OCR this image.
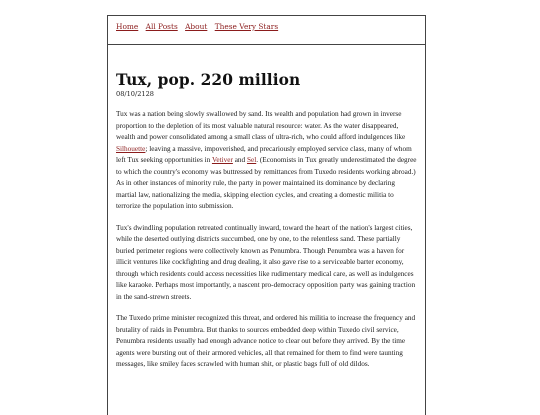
Home All Posts About These Very Stars
Tux, pop. 220 million
08/10/2128

Tux was a nation being slowly swallowed by sand. Its wealth and population had grown in inverse proportion to the depletion of its most valuable natural resource: water. As the water disappeared, wealth and power consolidated among a small class of ultra-rich, who could afford indulgences like Silhouette; leaving a massive, impoverished, and precariously employed service class, many of whom left Tux seeking opportunities in Vetiver and Sel. (Economists in Tux greatly underestimated the degree to which the country's economy was buttressed by remittances from Tuxedo residents working abroad.) As in other instances of minority rule, the party in power maintained its dominance by declaring martial law, nationalizing the media, skipping election cycles, and creating a domestic militia to terrorize the population into submission.

Tux's dwindling population retreated continually inward, toward the heart of the nation's largest cities, while the deserted outlying districts succumbed, one by one, to the relentless sand. These partially buried perimeter regions were collectively known as Penumbra. Though Penumbra was a haven for illicit ventures like cockfighting and drug dealing, it also gave rise to a serviceable barter economy, through which residents could access necessities like rudimentary medical care, as well as indulgences like karaoke. Perhaps most importantly, a nascent pro-democracy opposition party was gaining traction in the sand-strewn streets.

The Tuxedo prime minister recognized this threat, and ordered his militia to increase the frequency and brutality of raids in Penumbra. But thanks to sources embedded deep within Tuxedo civil service, Penumbra residents usually had enough advance notice to clear out before they arrived. By the time agents were bursting out of their armored vehicles, all that remained for them to find were taunting messages, like smiley faces scrawled with human shit, or plastic bags full of old dildos.
